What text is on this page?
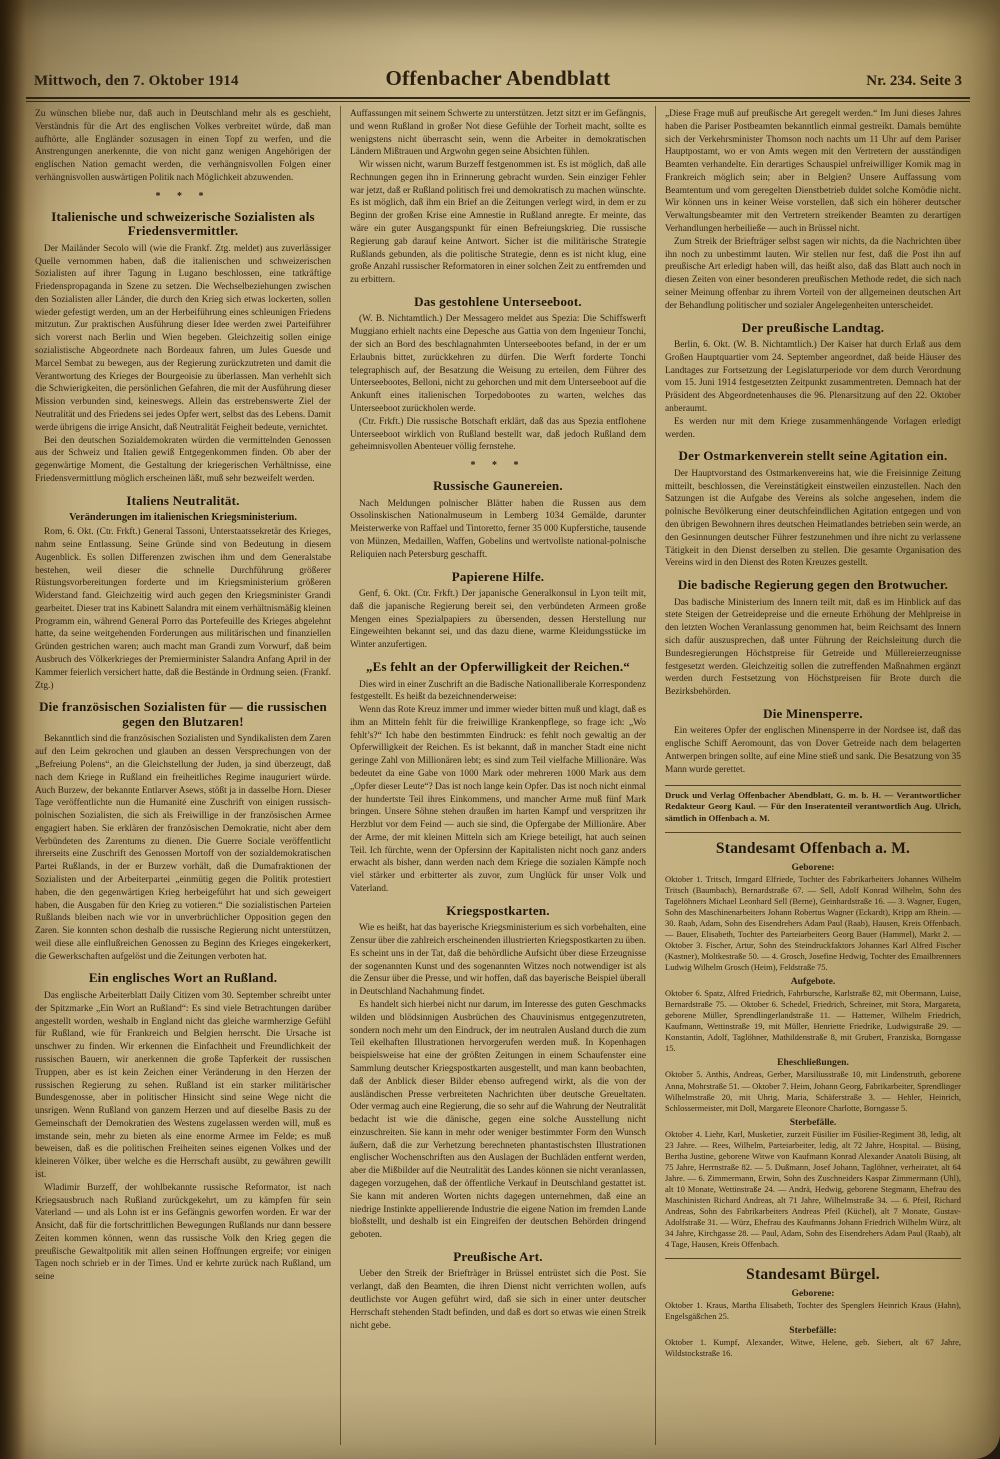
Mittwoch, den 7. Oktober 1914	Offenbacher Abendblatt	Nr. 234. Seite 3

Zu wünschen bliebe nur, daß auch in Deutschland mehr als es geschieht, Verständnis für die Art des englischen Volkes verbreitet würde, daß man aufhörte, alle Engländer sozusagen in einen Topf zu werfen, und die Anstrengungen anerkennte, die von nicht ganz wenigen Angehörigen der englischen Nation gemacht werden, die verhängnisvollen Folgen einer verhängnisvollen auswärtigen Politik nach Möglichkeit abzuwenden.

* * *
Italienische und schweizerische Sozialisten als Friedensvermittler.

Der Mailänder Secolo will (wie die Frankf. Ztg. meldet) aus zuverlässiger Quelle vernommen haben, daß die italienischen und schweizerischen Sozialisten auf ihrer Tagung in Lugano beschlossen, eine tatkräftige Friedenspropaganda in Szene zu setzen. Die Wechselbeziehungen zwischen den Sozialisten aller Länder, die durch den Krieg sich etwas lockerten, sollen wieder gefestigt werden, um an der Herbeiführung eines schleunigen Friedens mitzutun. Zur praktischen Ausführung dieser Idee werden zwei Parteiführer sich vorerst nach Berlin und Wien begeben. Gleichzeitig sollen einige sozialistische Abgeordnete nach Bordeaux fahren, um Jules Guesde und Marcel Sembat zu bewegen, aus der Regierung zurückzutreten und damit die Verantwortung des Krieges der Bourgeoisie zu überlassen. Man verhehlt sich die Schwierigkeiten, die persönlichen Gefahren, die mit der Ausführung dieser Mission verbunden sind, keineswegs. Allein das erstrebenswerte Ziel der Neutralität und des Friedens sei jedes Opfer wert, selbst das des Lebens. Damit werde übrigens die irrige Ansicht, daß Neutralität Feigheit bedeute, vernichtet.

Bei den deutschen Sozialdemokraten würden die vermittelnden Genossen aus der Schweiz und Italien gewiß Entgegenkommen finden. Ob aber der gegenwärtige Moment, die Gestaltung der kriegerischen Verhältnisse, eine Friedensvermittlung möglich erscheinen läßt, muß sehr bezweifelt werden.

Italiens Neutralität.
Veränderungen im italienischen Kriegsministerium.

Rom, 6. Okt. (Ctr. Frkft.) General Tassoni, Unterstaatssekretär des Krieges, nahm seine Entlassung. Seine Gründe sind von Bedeutung in diesem Augenblick. Es sollen Differenzen zwischen ihm und dem Generalstabe bestehen, weil dieser die schnelle Durchführung größerer Rüstungsvorbereitungen forderte und im Kriegsministerium größeren Widerstand fand. Gleichzeitig wird auch gegen den Kriegsminister Grandi gearbeitet. Dieser trat ins Kabinett Salandra mit einem verhältnismäßig kleinen Programm ein, während General Porro das Portefeuille des Krieges abgelehnt hatte, da seine weitgehenden Forderungen aus militärischen und finanziellen Gründen gestrichen waren; auch macht man Grandi zum Vorwurf, daß beim Ausbruch des Völkerkrieges der Premierminister Salandra Anfang April in der Kammer feierlich versichert hatte, daß die Bestände in Ordnung seien. (Frankf. Ztg.)

Die französischen Sozialisten für — die russischen gegen den Blutzaren!

Bekanntlich sind die französischen Sozialisten und Syndikalisten dem Zaren auf den Leim gekrochen und glauben an dessen Versprechungen von der „Befreiung Polens“, an die Gleichstellung der Juden, ja sind überzeugt, daß nach dem Kriege in Rußland ein freiheitliches Regime inauguriert würde. Auch Burzew, der bekannte Entlarver Asews, stößt ja in dasselbe Horn. Dieser Tage veröffentlichte nun die Humanité eine Zuschrift von einigen russisch-polnischen Sozialisten, die sich als Freiwillige in der französischen Armee engagiert haben. Sie erklären der französischen Demokratie, nicht aber dem Verbündeten des Zarentums zu dienen. Die Guerre Sociale veröffentlicht ihrerseits eine Zuschrift des Genossen Mortoff von der sozialdemokratischen Partei Rußlands, in der er Burzew vorhält, daß die Dumafraktionen der Sozialisten und der Arbeiterpartei „einmütig gegen die Politik protestiert haben, die den gegenwärtigen Krieg herbeigeführt hat und sich geweigert haben, die Ausgaben für den Krieg zu votieren.“ Die sozialistischen Parteien Rußlands bleiben nach wie vor in unverbrüchlicher Opposition gegen den Zaren. Sie konnten schon deshalb die russische Regierung nicht unterstützen, weil diese alle einflußreichen Genossen zu Beginn des Krieges eingekerkert, die Gewerkschaften aufgelöst und die Zeitungen verboten hat.

Ein englisches Wort an Rußland.

Das englische Arbeiterblatt Daily Citizen vom 30. September schreibt unter der Spitzmarke „Ein Wort an Rußland“: Es sind viele Betrachtungen darüber angestellt worden, weshalb in England nicht das gleiche warmherzige Gefühl für Rußland, wie für Frankreich und Belgien herrscht. Die Ursache ist unschwer zu finden. Wir erkennen die Einfachheit und Freundlichkeit der russischen Bauern, wir anerkennen die große Tapferkeit der russischen Truppen, aber es ist kein Zeichen einer Veränderung in den Herzen der russischen Regierung zu sehen. Rußland ist ein starker militärischer Bundesgenosse, aber in politischer Hinsicht sind seine Wege nicht die unsrigen. Wenn Rußland von ganzem Herzen und auf dieselbe Basis zu der Gemeinschaft der Demokratien des Westens zugelassen werden will, muß es imstande sein, mehr zu bieten als eine enorme Armee im Felde; es muß beweisen, daß es die politischen Freiheiten seines eigenen Volkes und der kleineren Völker, über welche es die Herrschaft ausübt, zu gewähren gewillt ist.

Wladimir Burzeff, der wohlbekannte russische Reformator, ist nach Kriegsausbruch nach Rußland zurückgekehrt, um zu kämpfen für sein Vaterland — und als Lohn ist er ins Gefängnis geworfen worden. Er war der Ansicht, daß für die fortschrittlichen Bewegungen Rußlands nur dann bessere Zeiten kommen können, wenn das russische Volk den Krieg gegen die preußische Gewaltpolitik mit allen seinen Hoffnungen ergreife; vor einigen Tagen noch schrieb er in der Times. Und er kehrte zurück nach Rußland, um seine

Auffassungen mit seinem Schwerte zu unterstützen. Jetzt sitzt er im Gefängnis, und wenn Rußland in großer Not diese Gefühle der Torheit macht, sollte es wenigstens nicht überrascht sein, wenn die Arbeiter in demokratischen Ländern Mißtrauen und Argwohn gegen seine Absichten fühlen.

Wir wissen nicht, warum Burzeff festgenommen ist. Es ist möglich, daß alle Rechnungen gegen ihn in Erinnerung gebracht wurden. Sein einziger Fehler war jetzt, daß er Rußland politisch frei und demokratisch zu machen wünschte. Es ist möglich, daß ihm ein Brief an die Zeitungen verlegt wird, in dem er zu Beginn der großen Krise eine Amnestie in Rußland anregte. Er meinte, das wäre ein guter Ausgangspunkt für einen Befreiungskrieg. Die russische Regierung gab darauf keine Antwort. Sicher ist die militärische Strategie Rußlands gebunden, als die politische Strategie, denn es ist nicht klug, eine große Anzahl russischer Reformatoren in einer solchen Zeit zu entfremden und zu erbittern.

Das gestohlene Unterseeboot.

(W. B. Nichtamtlich.) Der Messagero meldet aus Spezia: Die Schiffswerft Muggiano erhielt nachts eine Depesche aus Gattia von dem Ingenieur Tonchi, der sich an Bord des beschlagnahmten Unterseebootes befand, in der er um Erlaubnis bittet, zurückkehren zu dürfen. Die Werft forderte Tonchi telegraphisch auf, der Besatzung die Weisung zu erteilen, dem Führer des Unterseebootes, Belloni, nicht zu gehorchen und mit dem Unterseeboot auf die Ankunft eines italienischen Torpedobootes zu warten, welches das Unterseeboot zurückholen werde.

(Ctr. Frkft.) Die russische Botschaft erklärt, daß das aus Spezia entflohene Unterseeboot wirklich von Rußland bestellt war, daß jedoch Rußland dem geheimnisvollen Abenteuer völlig fernstehe.

* * *
Russische Gaunereien.

Nach Meldungen polnischer Blätter haben die Russen aus dem Ossolinskischen Nationalmuseum in Lemberg 1034 Gemälde, darunter Meisterwerke von Raffael und Tintoretto, ferner 35 000 Kupferstiche, tausende von Münzen, Medaillen, Waffen, Gobelins und wertvollste national-polnische Reliquien nach Petersburg geschafft.

Papierene Hilfe.

Genf, 6. Okt. (Ctr. Frkft.) Der japanische Generalkonsul in Lyon teilt mit, daß die japanische Regierung bereit sei, den verbündeten Armeen große Mengen eines Spezialpapiers zu übersenden, dessen Herstellung nur Eingeweihten bekannt sei, und das dazu diene, warme Kleidungsstücke im Winter anzufertigen.

„Es fehlt an der Opferwilligkeit der Reichen.“

Dies wird in einer Zuschrift an die Badische Nationalliberale Korrespondenz festgestellt. Es heißt da bezeichnenderweise:

Wenn das Rote Kreuz immer und immer wieder bitten muß und klagt, daß es ihm an Mitteln fehlt für die freiwillige Krankenpflege, so frage ich: „Wo fehlt’s?“ Ich habe den bestimmten Eindruck: es fehlt noch gewaltig an der Opferwilligkeit der Reichen. Es ist bekannt, daß in mancher Stadt eine nicht geringe Zahl von Millionären lebt; es sind zum Teil vielfache Millionäre. Was bedeutet da eine Gabe von 1000 Mark oder mehreren 1000 Mark aus dem „Opfer dieser Leute“? Das ist noch lange kein Opfer. Das ist noch nicht einmal der hundertste Teil ihres Einkommens, und mancher Arme muß fünf Mark bringen. Unsere Söhne stehen draußen im harten Kampf und verspritzen ihr Herzblut vor dem Feind — auch sie sind, die Opfergabe der Millionäre. Aber der Arme, der mit kleinen Mitteln sich am Kriege beteiligt, hat auch seinen Teil. Ich fürchte, wenn der Opfersinn der Kapitalisten nicht noch ganz anders erwacht als bisher, dann werden nach dem Kriege die sozialen Kämpfe noch viel stärker und erbitterter als zuvor, zum Unglück für unser Volk und Vaterland.

Kriegspostkarten.

Wie es heißt, hat das bayerische Kriegsministerium es sich vorbehalten, eine Zensur über die zahlreich erscheinenden illustrierten Kriegspostkarten zu üben. Es scheint uns in der Tat, daß die behördliche Aufsicht über diese Erzeugnisse der sogenannten Kunst und des sogenannten Witzes noch notwendiger ist als die Zensur über die Presse, und wir hoffen, daß das bayerische Beispiel überall in Deutschland Nachahmung findet.

Es handelt sich hierbei nicht nur darum, im Interesse des guten Geschmacks wilden und blödsinnigen Ausbrüchen des Chauvinismus entgegenzutreten, sondern noch mehr um den Eindruck, der im neutralen Ausland durch die zum Teil ekelhaften Illustrationen hervorgerufen werden muß. In Kopenhagen beispielsweise hat eine der größten Zeitungen in einem Schaufenster eine Sammlung deutscher Kriegspostkarten ausgestellt, und man kann beobachten, daß der Anblick dieser Bilder ebenso aufregend wirkt, als die von der ausländischen Presse verbreiteten Nachrichten über deutsche Greueltaten. Oder vermag auch eine Regierung, die so sehr auf die Wahrung der Neutralität bedacht ist wie die dänische, gegen eine solche Ausstellung nicht einzuschreiten. Sie kann in mehr oder weniger bestimmter Form den Wunsch äußern, daß die zur Verhetzung berechneten phantastischsten Illustrationen englischer Wochenschriften aus den Auslagen der Buchläden entfernt werden, aber die Mißbilder auf die Neutralität des Landes können sie nicht veranlassen, dagegen vorzugehen, daß der öffentliche Verkauf in Deutschland gestattet ist. Sie kann mit anderen Worten nichts dagegen unternehmen, daß eine an niedrige Instinkte appellierende Industrie die eigene Nation im fremden Lande bloßstellt, und deshalb ist ein Eingreifen der deutschen Behörden dringend geboten.

Preußische Art.

Ueber den Streik der Briefträger in Brüssel entrüstet sich die Post. Sie verlangt, daß den Beamten, die ihren Dienst nicht verrichten wollen, aufs deutlichste vor Augen geführt wird, daß sie sich in einer unter deutscher Herrschaft stehenden Stadt befinden, und daß es dort so etwas wie einen Streik nicht gebe.

„Diese Frage muß auf preußische Art geregelt werden.“ Im Juni dieses Jahres haben die Pariser Postbeamten bekanntlich einmal gestreikt. Damals bemühte sich der Verkehrsminister Thomson noch nachts um 11 Uhr auf dem Pariser Hauptpostamt, wo er von Amts wegen mit den Vertretern der ausständigen Beamten verhandelte. Ein derartiges Schauspiel unfreiwilliger Komik mag in Frankreich möglich sein; aber in Belgien? Unsere Auffassung vom Beamtentum und vom geregelten Dienstbetrieb duldet solche Komödie nicht. Wir können uns in keiner Weise vorstellen, daß sich ein höherer deutscher Verwaltungsbeamter mit den Vertretern streikender Beamten zu derartigen Verhandlungen herbeiließe — auch in Brüssel nicht.

Zum Streik der Briefträger selbst sagen wir nichts, da die Nachrichten über ihn noch zu unbestimmt lauten. Wir stellen nur fest, daß die Post ihn auf preußische Art erledigt haben will, das heißt also, daß das Blatt auch noch in diesen Zeiten von einer besonderen preußischen Methode redet, die sich nach seiner Meinung offenbar zu ihrem Vorteil von der allgemeinen deutschen Art der Behandlung politischer und sozialer Angelegenheiten unterscheidet.

Der preußische Landtag.

Berlin, 6. Okt. (W. B. Nichtamtlich.) Der Kaiser hat durch Erlaß aus dem Großen Hauptquartier vom 24. September angeordnet, daß beide Häuser des Landtages zur Fortsetzung der Legislaturperiode vor dem durch Verordnung vom 15. Juni 1914 festgesetzten Zeitpunkt zusammentreten. Demnach hat der Präsident des Abgeordnetenhauses die 96. Plenarsitzung auf den 22. Oktober anberaumt.

Es werden nur mit dem Kriege zusammenhängende Vorlagen erledigt werden.

Der Ostmarkenverein stellt seine Agitation ein.

Der Hauptvorstand des Ostmarkenvereins hat, wie die Freisinnige Zeitung mitteilt, beschlossen, die Vereinstätigkeit einstweilen einzustellen. Nach den Satzungen ist die Aufgabe des Vereins als solche angesehen, indem die polnische Bevölkerung einer deutschfeindlichen Agitation entgegen und von den übrigen Bewohnern ihres deutschen Heimatlandes betrieben sein werde, an den Gesinnungen deutscher Führer festzunehmen und ihre nicht zu verlassene Tätigkeit in den Dienst derselben zu stellen. Die gesamte Organisation des Vereins wird in den Dienst des Roten Kreuzes gestellt.

Die badische Regierung gegen den Brotwucher.

Das badische Ministerium des Innern teilt mit, daß es im Hinblick auf das stete Steigen der Getreidepreise und die erneute Erhöhung der Mehlpreise in den letzten Wochen Veranlassung genommen hat, beim Reichsamt des Innern sich dafür auszusprechen, daß unter Führung der Reichsleitung durch die Bundesregierungen Höchstpreise für Getreide und Müllereierzeugnisse festgesetzt werden. Gleichzeitig sollen die zutreffenden Maßnahmen ergänzt werden durch Festsetzung von Höchstpreisen für Brote durch die Bezirksbehörden.

Die Minensperre.

Ein weiteres Opfer der englischen Minensperre in der Nordsee ist, daß das englische Schiff Aeromount, das von Dover Getreide nach dem belagerten Antwerpen bringen sollte, auf eine Mine stieß und sank. Die Besatzung von 35 Mann wurde gerettet.

Druck und Verlag Offenbacher Abendblatt, G. m. b. H. — Verantwortlicher Redakteur Georg Kaul. — Für den Inseratenteil verantwortlich Aug. Ulrich, sämtlich in Offenbach a. M.

Standesamt Offenbach a. M.
Geborene:

Oktober 1. Tritsch, Irmgard Elfriede, Tochter des Fabrikarbeiters Johannes Wilhelm Tritsch (Baumbach), Bernardstraße 67. — Sell, Adolf Konrad Wilhelm, Sohn des Tagelöhners Michael Leonhard Sell (Berne), Geinhardstraße 16. — 3. Wagner, Eugen, Sohn des Maschinenarbeiters Johann Robertus Wagner (Eckardt), Kripp am Rhein. — 30. Raab, Adam, Sohn des Eisendrehers Adam Paul (Raab), Hausen, Kreis Offenbach. — Bauer, Elisabeth, Tochter des Parteiarbeiters Georg Bauer (Hammel), Markt 2. — Oktober 3. Fischer, Artur, Sohn des Steindruckfaktors Johannes Karl Alfred Fischer (Kastner), Moltkestraße 50. — 4. Grosch, Josefine Hedwig, Tochter des Emailbrenners Ludwig Wilhelm Grosch (Heim), Feldstraße 75.

Aufgebote.

Oktober 6. Spatz, Alfred Friedrich, Fahrbursche, Karlstraße 82, mit Obermann, Luise, Bernardstraße 75. — Oktober 6. Schedel, Friedrich, Schreiner, mit Stora, Margareta, geborene Müller, Sprendlingerlandstraße 11. — Hattemer, Wilhelm Friedrich, Kaufmann, Wettinstraße 19, mit Müller, Henriette Friedrike, Ludwigstraße 29. — Konstantin, Adolf, Taglöhner, Mathildenstraße 8, mit Grubert, Franziska, Borngasse 15.

Eheschließungen.

Oktober 5. Anthis, Andreas, Gerber, Marsiliusstraße 10, mit Lindenstruth, geborene Anna, Mohrstraße 51. — Oktober 7. Heim, Johann Georg, Fabrikarbeiter, Sprendlinger Wilhelmstraße 20, mit Uhrig, Maria, Schäferstraße 3. — Hehler, Heinrich, Schlossermeister, mit Doll, Margarete Eleonore Charlotte, Borngasse 5.

Sterbefälle.

Oktober 4. Liehr, Karl, Musketier, zurzeit Füsilier im Füsilier-Regiment 38, ledig, alt 23 Jahre. — Rees, Wilhelm, Parteiarbeiter, ledig, alt 72 Jahre, Hospital. — Büsing, Bertha Justine, geborene Witwe von Kaufmann Konrad Alexander Anatoli Büsing, alt 75 Jahre, Herrnstraße 82. — 5. Dußmann, Josef Johann, Taglöhner, verheiratet, alt 64 Jahre. — 6. Zimmermann, Erwin, Sohn des Zuschneiders Kaspar Zimmermann (Uhl), alt 10 Monate, Wettinstraße 24. — Andrä, Hedwig, geborene Stegmann, Ehefrau des Maschinisten Richard Andreas, alt 71 Jahre, Wilhelmstraße 34. — 6. Pfeil, Richard Andreas, Sohn des Fabrikarbeiters Andreas Pfeil (Küchel), alt 7 Monate, Gustav-Adolfstraße 31. — Würz, Ehefrau des Kaufmanns Johann Friedrich Wilhelm Würz, alt 34 Jahre, Kirchgasse 28. — Paul, Adam, Sohn des Eisendrehers Adam Paul (Raab), alt 4 Tage, Hausen, Kreis Offenbach.

Standesamt Bürgel.
Geborene:

Oktober 1. Kraus, Martha Elisabeth, Tochter des Spenglers Heinrich Kraus (Hahn), Engelsgäßchen 25.

Sterbefälle:

Oktober 1. Kumpf, Alexander, Witwe, Helene, geb. Siebert, alt 67 Jahre, Wildstockstraße 16.
